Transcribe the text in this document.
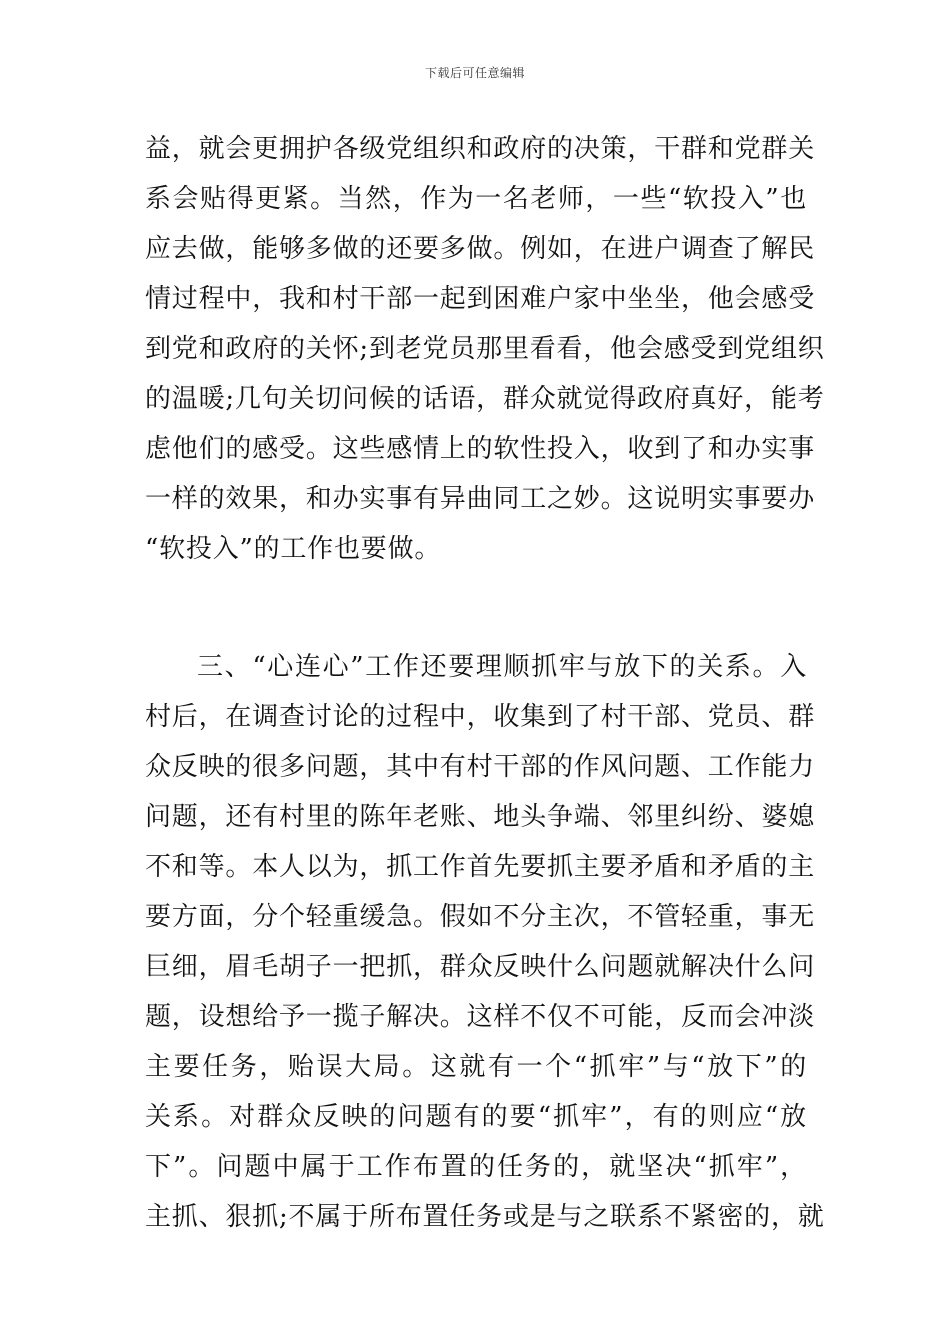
下载后可任意编辑
益，就会更拥护各级党组织和政府的决策，干群和党群关
系会贴得更紧。当然，作为一名老师，一些“软投入”也
应去做，能够多做的还要多做。例如，在进户调查了解民
情过程中，我和村干部一起到困难户家中坐坐，他会感受
到党和政府的关怀;到老党员那里看看，他会感受到党组织
的温暖;几句关切问候的话语，群众就觉得政府真好，能考
虑他们的感受。这些感情上的软性投入，收到了和办实事
一样的效果，和办实事有异曲同工之妙。这说明实事要办
“软投入”的工作也要做。
三、“心连心”工作还要理顺抓牢与放下的关系。入
村后，在调查讨论的过程中，收集到了村干部、党员、群
众反映的很多问题，其中有村干部的作风问题、工作能力
问题，还有村里的陈年老账、地头争端、邻里纠纷、婆媳
不和等。本人以为，抓工作首先要抓主要矛盾和矛盾的主
要方面，分个轻重缓急。假如不分主次，不管轻重，事无
巨细，眉毛胡子一把抓，群众反映什么问题就解决什么问
题，设想给予一揽子解决。这样不仅不可能，反而会冲淡
主要任务，贻误大局。这就有一个“抓牢”与“放下”的
关系。对群众反映的问题有的要“抓牢”，有的则应“放
下”。问题中属于工作布置的任务的，就坚决“抓牢”，
主抓、狠抓;不属于所布置任务或是与之联系不紧密的，就
